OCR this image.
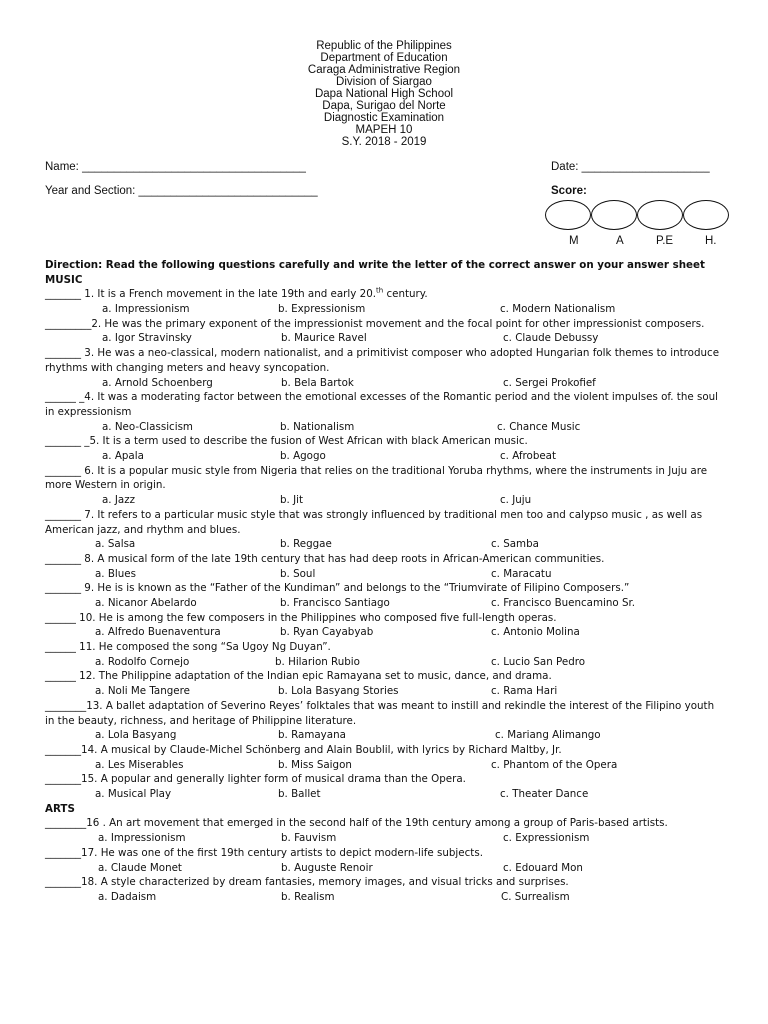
Republic of the Philippines
Department of Education
Caraga Administrative Region
Division of Siargao
Dapa National High School
Dapa, Surigao del Norte
Diagnostic Examination
MAPEH 10
S.Y. 2018 - 2019
Name: ___________________________________	Date: ____________________
Year and Section: ____________________________	Score:
M	A	P.E	H.
Direction: Read the following questions carefully and write the letter of the correct answer on your answer sheet
MUSIC
_______ 1. It is a French movement in the late 19th and early 20.$^{th}$ century.
a. Impressionism	b. Expressionism	c. Modern Nationalism
_________2. He was the primary exponent of the impressionist movement and the focal point for other impressionist composers.
a. Igor Stravinsky	b. Maurice Ravel	c. Claude Debussy
_______ 3. He was a neo-classical, modern nationalist, and a primitivist composer who adopted Hungarian folk themes to introduce rhythms with changing meters and heavy syncopation.
a. Arnold Schoenberg	b. Bela Bartok	c. Sergei Prokofief
______ _4. It was a moderating factor between the emotional excesses of the Romantic period and the violent impulses of. the soul in expressionism
a. Neo-Classicism	b. Nationalism	c. Chance Music
_______ _5. It is a term used to describe the fusion of West African with black American music.
a. Apala	b. Agogo	c. Afrobeat
_______ 6. It is a popular music style from Nigeria that relies on the traditional Yoruba rhythms, where the instruments in Juju are more Western in origin.
a. Jazz	b. Jit	c. Juju
_______ 7. It refers to a particular music style that was strongly influenced by traditional men too and calypso music , as well as American jazz, and rhythm and blues.
a. Salsa	b. Reggae	c. Samba
_______ 8. A musical form of the late 19th century that has had deep roots in African-American communities.
a. Blues	b. Soul	c. Maracatu
_______ 9. He is is known as the “Father of the Kundiman” and belongs to the “Triumvirate of Filipino Composers.”
a. Nicanor Abelardo	b. Francisco Santiago	c. Francisco Buencamino Sr.
______ 10. He is among the few composers in the Philippines who composed five full-length operas.
a. Alfredo Buenaventura	b. Ryan Cayabyab	c. Antonio Molina
______ 11. He composed the song “Sa Ugoy Ng Duyan”.
a. Rodolfo Cornejo	b. Hilarion Rubio	c. Lucio San Pedro
______ 12. The Philippine adaptation of the Indian epic Ramayana set to music, dance, and drama.
a. Noli Me Tangere	b. Lola Basyang Stories	c. Rama Hari
________13. A ballet adaptation of Severino Reyes’ folktales that was meant to instill and rekindle the interest of the Filipino youth in the beauty, richness, and heritage of Philippine literature.
a. Lola Basyang	b. Ramayana	c. Mariang Alimango
_______14. A musical by Claude-Michel Schönberg and Alain Boublil, with lyrics by Richard Maltby, Jr.
a. Les Miserables	b. Miss Saigon	c. Phantom of the Opera
_______15. A popular and generally lighter form of musical drama than the Opera.
a. Musical Play	b. Ballet	c. Theater Dance
ARTS
________16 . An art movement that emerged in the second half of the 19th century among a group of Paris-based artists.
a. Impressionism	b. Fauvism	c. Expressionism
_______17. He was one of the first 19th century artists to depict modern-life subjects.
a. Claude Monet	b. Auguste Renoir	c. Edouard Mon
_______18. A style characterized by dream fantasies, memory images, and visual tricks and surprises.
a. Dadaism	b. Realism	C. Surrealism
